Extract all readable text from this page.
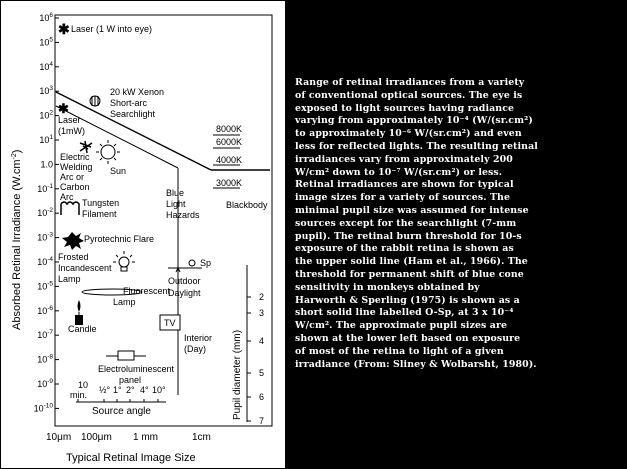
Absorbed Retinal Irradiance $(W.cm^{-2})$
$10^6$
$10^5$
$10^4$
$10^3$
$10^2$
$10^1$
1.0
$10^{-1}$
$10^{-2}$
$10^{-3}$
$10^{-4}$
$10^{-5}$
$10^{-6}$
$10^{-7}$
$10^{-8}$
$10^{-9}$
$10^{-10}$
10μm 100μm 1 mm	1cm
Typical Retinal Image Size
8000K
6000K
4000K
3000K
✱ Laser (1 W into eye)
20 kW Xenon Short-arc Searchlight
✱
Laser (1mW)
Electric Welding Arc or Carbon Arc
Sun
Blue Light Hazards
Blackbody
Tungsten Filament
Pyrotechnic Flare
Frosted Incandescent Lamp
Sp
Outdoor Daylight
Fluorescent Lamp
Candle
TV
Interior (Day)
Electroluminescent panel	Pupil diameter (mm)
2
3
4
5
6
7
10
min. ½° 1° 2° 4° 10°
Source angle
Range of retinal irradiances from a variety
of conventional optical sources. The eye is
exposed to light sources having radiance
varying from approximately 10⁻⁴ (W/(sr.cm²)
to approximately 10⁻⁶ W/(sr.cm²) and even
less for reflected lights. The resulting retinal
irradiances vary from approximately 200
W/cm² down to 10⁻⁷ W/(sr.cm²) or less.
Retinal irradiances are shown for typical
image sizes for a variety of sources. The
minimal pupil size was assumed for intense
sources except for the searchlight (7-mm
pupil). The retinal burn threshold for 10-s
exposure of the rabbit retina is shown as
the upper solid line (Ham et al., 1966). The
threshold for permanent shift of blue cone
sensitivity in monkeys obtained by
Harworth & Sperling (1975) is shown as a
short solid line labelled O-Sp, at 3 x 10⁻⁴
W/cm². The approximate pupil sizes are
shown at the lower left based on exposure
of most of the retina to light of a given
irradiance (From: Sliney & Wolbarsht, 1980).
